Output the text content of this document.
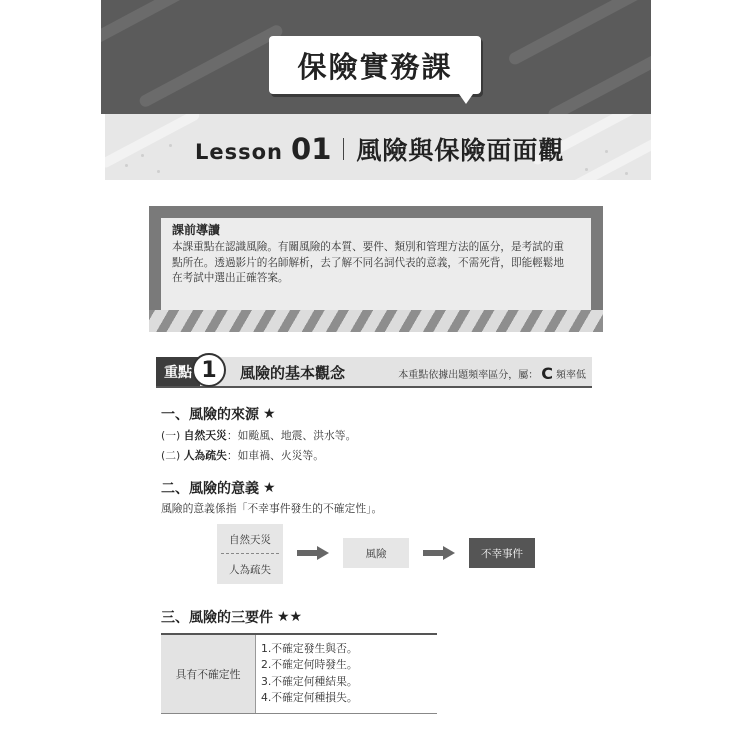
保險實務課
Lesson 01 風險與保險面面觀
課前導讀
本課重點在認識風險。有關風險的本質、要件、類別和管理方法的區分，是考試的重點所在。透過影片的名師解析，去了解不同名詞代表的意義，不需死背，即能輕鬆地在考試中選出正確答案。
重點 1	風險的基本觀念	本重點依據出題頻率區分，屬： C 頻率低
一、風險的來源 ★
(一) 自然天災：如颱風、地震、洪水等。
(二) 人為疏失：如車禍、火災等。
二、風險的意義 ★
風險的意義係指「不幸事件發生的不確定性」。
自然天災
人為疏失
風險	不幸事件
三、風險的三要件 ★★
具有不確定性
1.不確定發生與否。
2.不確定何時發生。
3.不確定何種結果。
4.不確定何種損失。
